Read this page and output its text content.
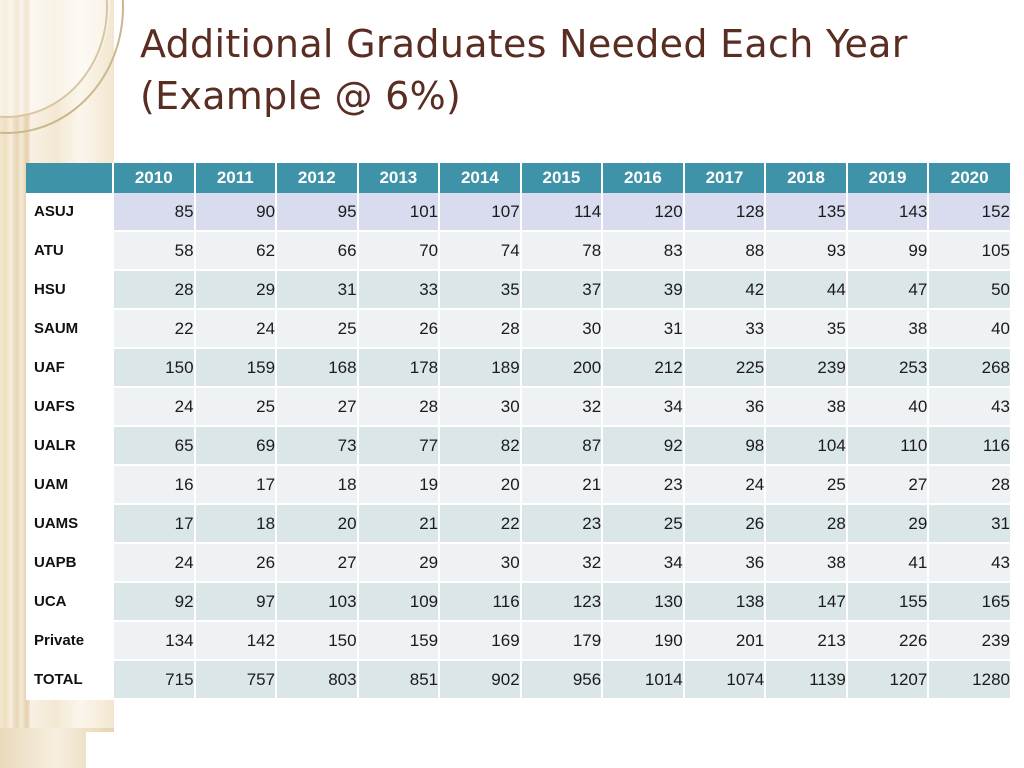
Additional Graduates Needed Each Year (Example @ 6%)
	2010	2011	2012	2013	2014	2015	2016	2017	2018	2019	2020
ASUJ	85	90	95	101	107	114	120	128	135	143	152
ATU	58	62	66	70	74	78	83	88	93	99	105
HSU	28	29	31	33	35	37	39	42	44	47	50
SAUM	22	24	25	26	28	30	31	33	35	38	40
UAF	150	159	168	178	189	200	212	225	239	253	268
UAFS	24	25	27	28	30	32	34	36	38	40	43
UALR	65	69	73	77	82	87	92	98	104	110	116
UAM	16	17	18	19	20	21	23	24	25	27	28
UAMS	17	18	20	21	22	23	25	26	28	29	31
UAPB	24	26	27	29	30	32	34	36	38	41	43
UCA	92	97	103	109	116	123	130	138	147	155	165
Private	134	142	150	159	169	179	190	201	213	226	239
TOTAL	715	757	803	851	902	956	1014	1074	1139	1207	1280
